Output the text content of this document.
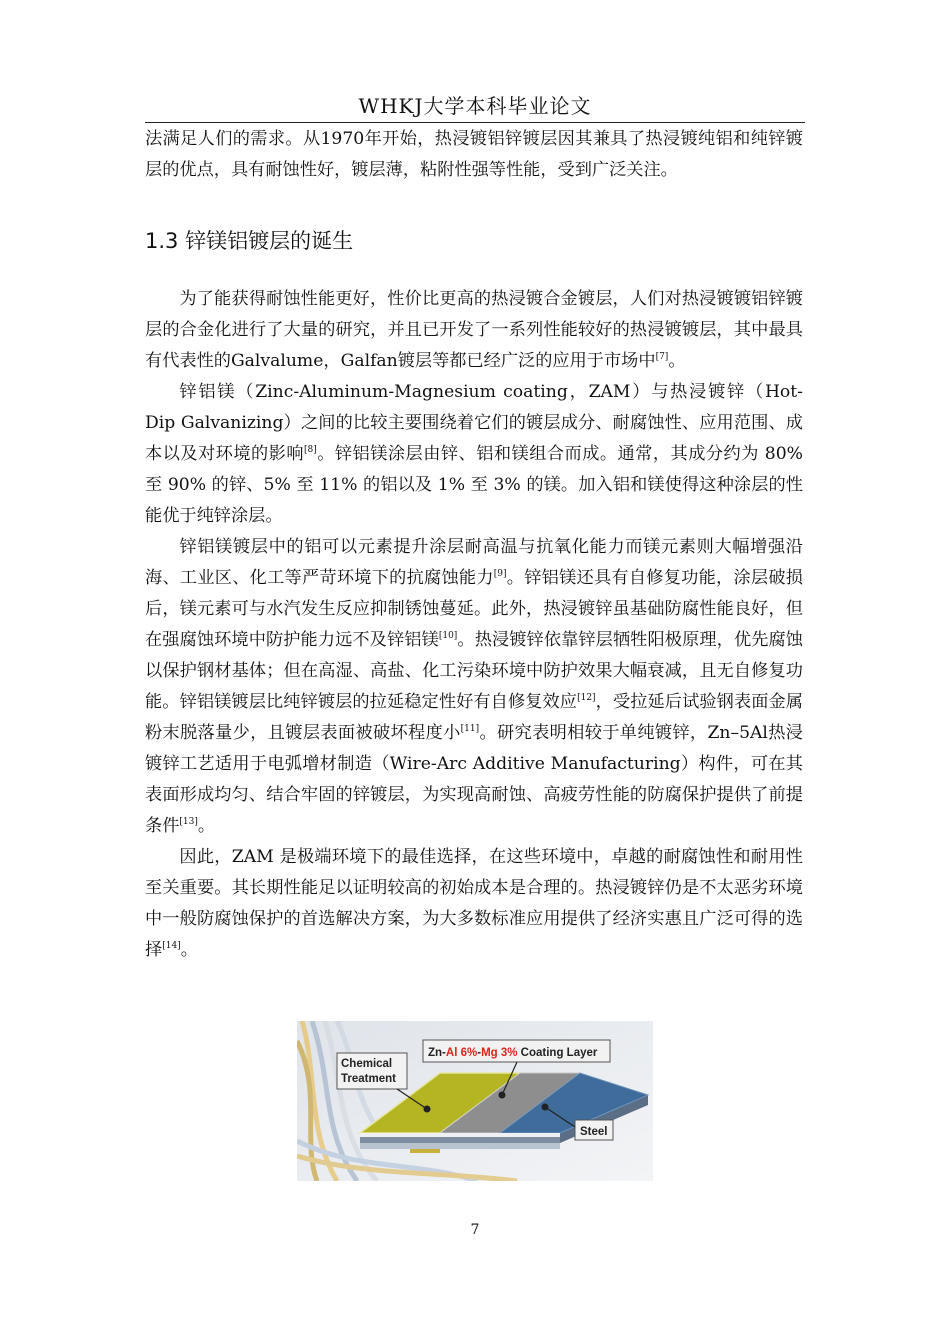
WHKJ大学本科毕业论文

法满足人们的需求。从1970年开始，热浸镀铝锌镀层因其兼具了热浸镀纯铝和纯锌镀层的优点，具有耐蚀性好，镀层薄，粘附性强等性能，受到广泛关注。

1.3 锌镁铝镀层的诞生

为了能获得耐蚀性能更好，性价比更高的热浸镀合金镀层，人们对热浸镀镀铝锌镀层的合金化进行了大量的研究，并且已开发了一系列性能较好的热浸镀镀层，其中最具有代表性的Galvalume，Galfan镀层等都已经广泛的应用于市场中[7]。

锌铝镁（Zinc-Aluminum-Magnesium coating，ZAM）与热浸镀锌（Hot-Dip Galvanizing）之间的比较主要围绕着它们的镀层成分、耐腐蚀性、应用范围、成本以及对环境的影响[8]。锌铝镁涂层由锌、铝和镁组合而成。通常，其成分约为 80% 至 90% 的锌、5% 至 11% 的铝以及 1% 至 3% 的镁。加入铝和镁使得这种涂层的性能优于纯锌涂层。

锌铝镁镀层中的铝可以元素提升涂层耐高温与抗氧化能力而镁元素则大幅增强沿海、工业区、化工等严苛环境下的抗腐蚀能力[9]。锌铝镁还具有自修复功能，涂层破损后，镁元素可与水汽发生反应抑制锈蚀蔓延。此外，热浸镀锌虽基础防腐性能良好，但在强腐蚀环境中防护能力远不及锌铝镁[10]。热浸镀锌依靠锌层牺牲阳极原理，优先腐蚀以保护钢材基体；但在高湿、高盐、化工污染环境中防护效果大幅衰减，且无自修复功能。锌铝镁镀层比纯锌镀层的拉延稳定性好有自修复效应[12]，受拉延后试验钢表面金属粉末脱落量少，且镀层表面被破坏程度小[11]。研究表明相较于单纯镀锌，Zn–5Al热浸镀锌工艺适用于电弧增材制造（Wire-Arc Additive Manufacturing）构件，可在其表面形成均匀、结合牢固的锌镀层，为实现高耐蚀、高疲劳性能的防腐保护提供了前提条件[13]。

因此，ZAM 是极端环境下的最佳选择，在这些环境中，卓越的耐腐蚀性和耐用性至关重要。其长期性能足以证明较高的初始成本是合理的。热浸镀锌仍是不太恶劣环境中一般防腐蚀保护的首选解决方案，为大多数标准应用提供了经济实惠且广泛可得的选择[14]。

Chemical
Treatment
Zn-Al 6%-Mg 3% Coating Layer
Steel
7
